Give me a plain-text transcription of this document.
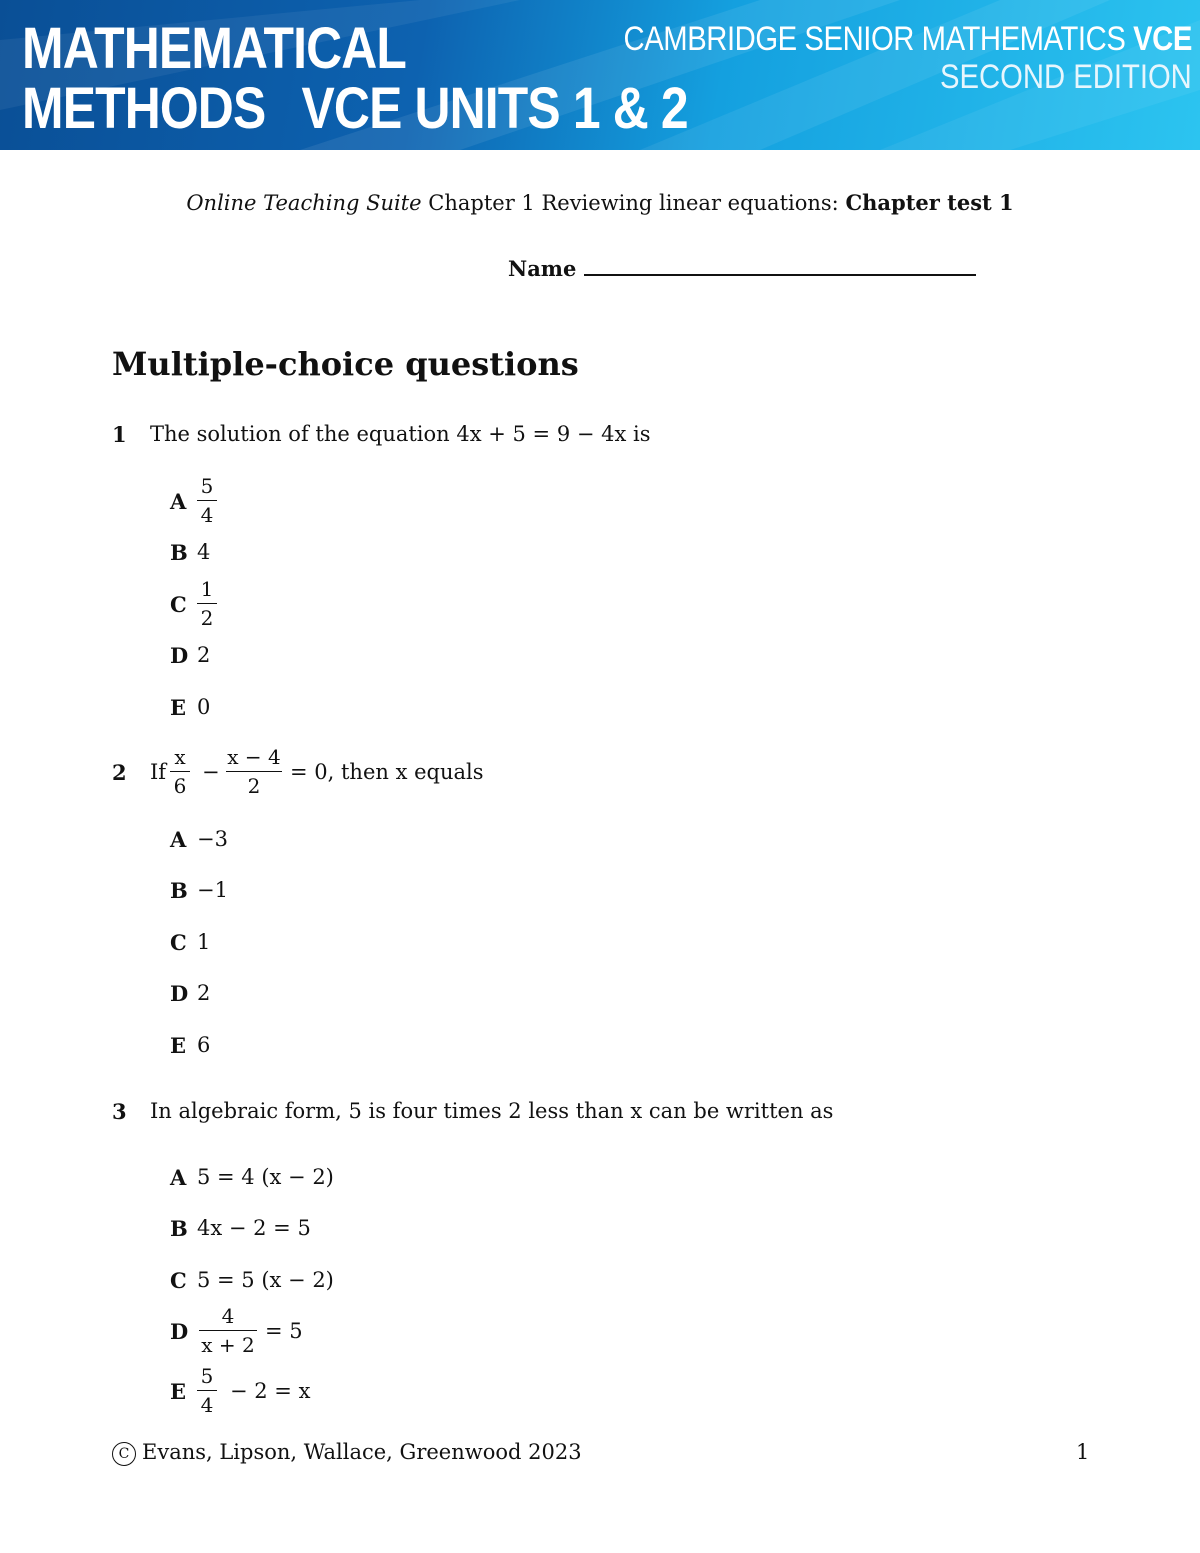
MATHEMATICAL
METHODS VCE UNITS 1 & 2
CAMBRIDGE SENIOR MATHEMATICS VCE
SECOND EDITION
Online Teaching Suite Chapter 1 Reviewing linear equations: Chapter test 1
Name
Multiple-choice questions
1 The solution of the equation 4x + 5 = 9 − 4x is
A
5
4
B 4
C
1
2
D 2
E 0
2 If
x
6
−
x − 4
2
= 0, then x equals
A −3
B −1
C 1
D 2
E 6
3 In algebraic form, 5 is four times 2 less than x can be written as
A 5 = 4 (x − 2)
B 4x − 2 = 5
C 5 = 5 (x − 2)
D
4
x + 2
= 5
E
5
4
− 2 = x
C Evans, Lipson, Wallace, Greenwood 2023	1
